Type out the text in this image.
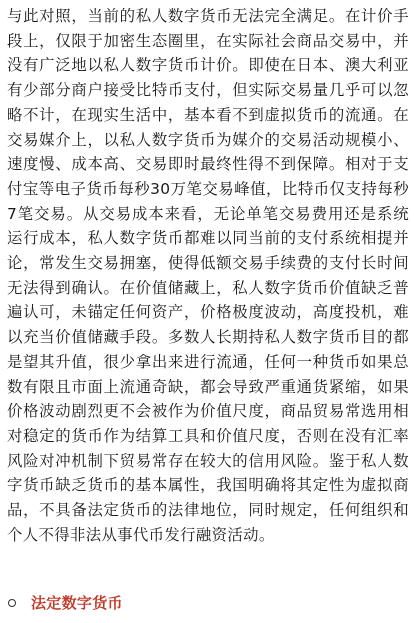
与此对照，当前的私人数字货币无法完全满足。在计价手段上，仅限于加密生态圈里，在实际社会商品交易中，并没有广泛地以私人数字货币计价。即使在日本、澳大利亚有少部分商户接受比特币支付，但实际交易量几乎可以忽略不计，在现实生活中，基本看不到虚拟货币的流通。在交易媒介上，以私人数字货币为媒介的交易活动规模小、速度慢、成本高、交易即时最终性得不到保障。相对于支付宝等电子货币每秒30万笔交易峰值，比特币仅支持每秒7笔交易。从交易成本来看，无论单笔交易费用还是系统运行成本，私人数字货币都难以同当前的支付系统相提并论，常发生交易拥塞，使得低额交易手续费的支付长时间无法得到确认。在价值储藏上，私人数字货币价值缺乏普遍认可，未锚定任何资产，价格极度波动，高度投机，难以充当价值储藏手段。多数人长期持私人数字货币目的都是望其升值，很少拿出来进行流通，任何一种货币如果总数有限且市面上流通奇缺，都会导致严重通货紧缩，如果价格波动剧烈更不会被作为价值尺度，商品贸易常选用相对稳定的货币作为结算工具和价值尺度，否则在没有汇率风险对冲机制下贸易常存在较大的信用风险。鉴于私人数字货币缺乏货币的基本属性，我国明确将其定性为虚拟商品，不具备法定货币的法律地位，同时规定，任何组织和个人不得非法从事代币发行融资活动。

法定数字货币
